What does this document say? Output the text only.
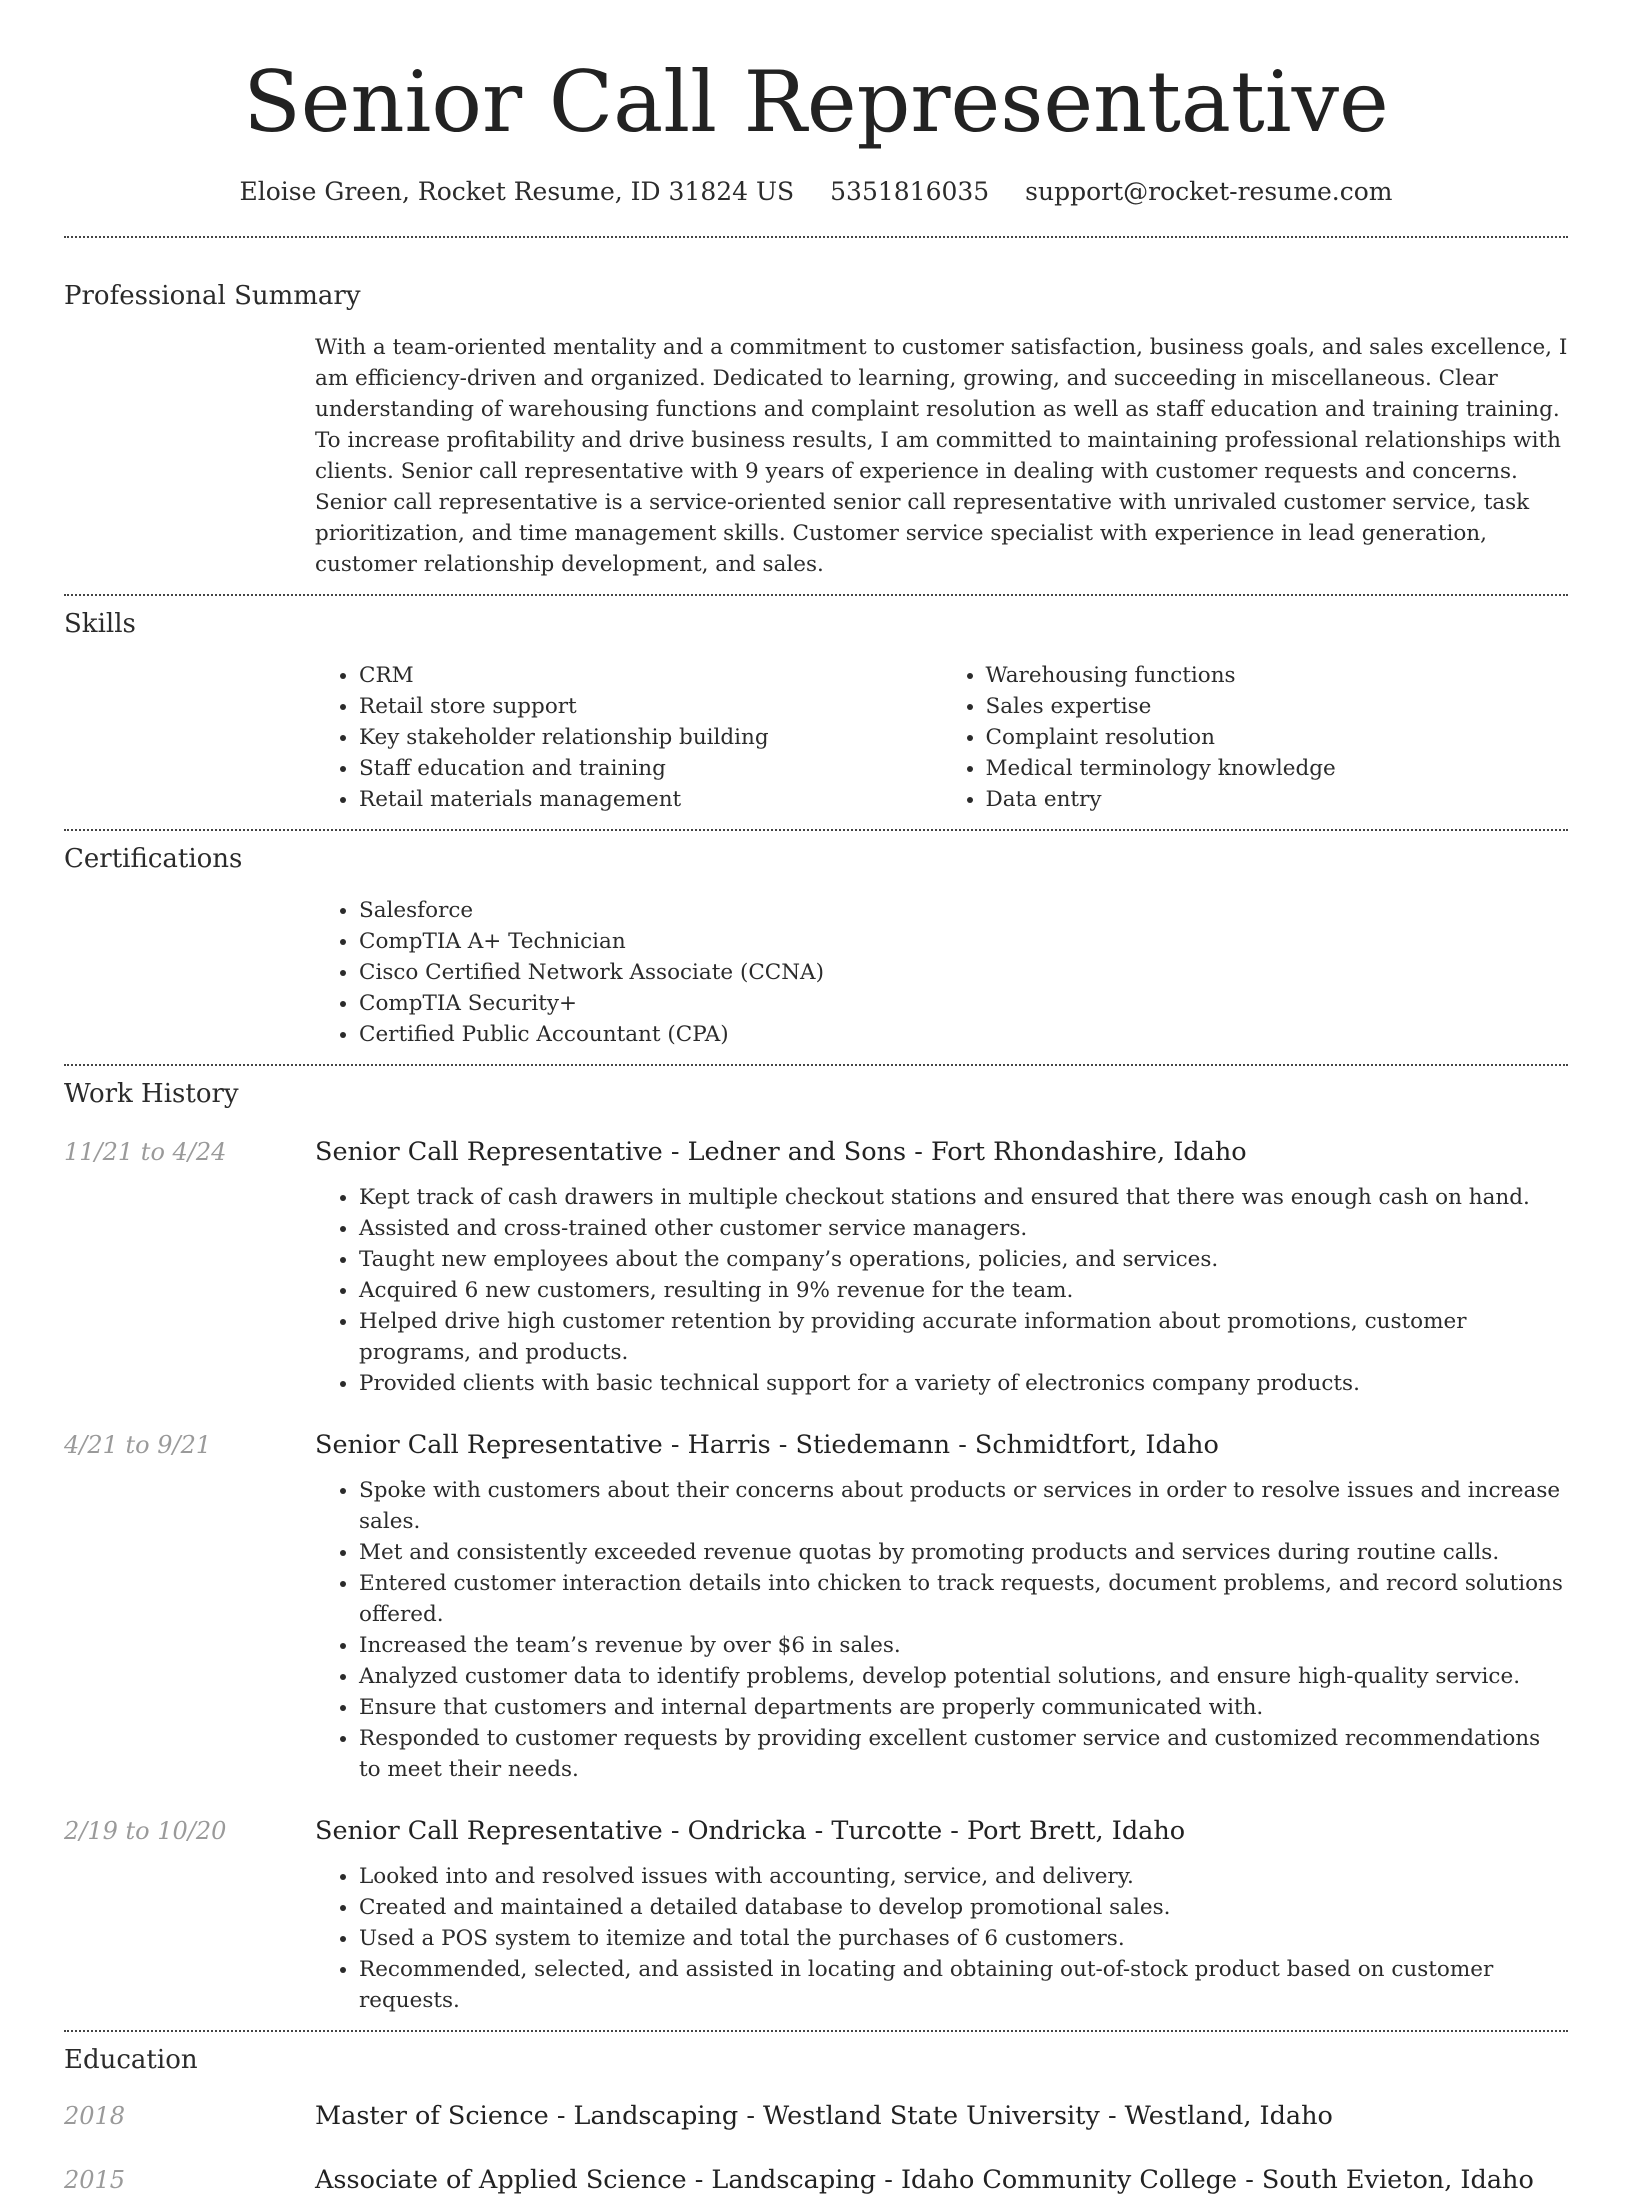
Senior Call Representative
Eloise Green, Rocket Resume, ID 31824 US 5351816035 support@rocket-resume.com
Professional Summary

With a team-oriented mentality and a commitment to customer satisfaction, business goals, and sales excellence, I am efficiency-driven and organized. Dedicated to learning, growing, and succeeding in miscellaneous. Clear understanding of warehousing functions and complaint resolution as well as staff education and training training. To increase profitability and drive business results, I am committed to maintaining professional relationships with clients. Senior call representative with 9 years of experience in dealing with customer requests and concerns. Senior call representative is a service-oriented senior call representative with unrivaled customer service, task prioritization, and time management skills. Customer service specialist with experience in lead generation, customer relationship development, and sales.

Skills
• CRM
• Retail store support
• Key stakeholder relationship building
• Staff education and training
• Retail materials management
• Warehousing functions
• Sales expertise
• Complaint resolution
• Medical terminology knowledge
• Data entry
Certifications
• Salesforce
• CompTIA A+ Technician
• Cisco Certified Network Associate (CCNA)
• CompTIA Security+
• Certified Public Accountant (CPA)
Work History
11/21 to 4/24	Senior Call Representative - Ledner and Sons - Fort Rhondashire, Idaho
• Kept track of cash drawers in multiple checkout stations and ensured that there was enough cash on hand.
• Assisted and cross-trained other customer service managers.
• Taught new employees about the company’s operations, policies, and services.
• Acquired 6 new customers, resulting in 9% revenue for the team.
• Helped drive high customer retention by providing accurate information about promotions, customer programs, and products.
• Provided clients with basic technical support for a variety of electronics company products.
4/21 to 9/21	Senior Call Representative - Harris - Stiedemann - Schmidtfort, Idaho
• Spoke with customers about their concerns about products or services in order to resolve issues and increase sales.
• Met and consistently exceeded revenue quotas by promoting products and services during routine calls.
• Entered customer interaction details into chicken to track requests, document problems, and record solutions offered.
• Increased the team’s revenue by over $6 in sales.
• Analyzed customer data to identify problems, develop potential solutions, and ensure high-quality service.
• Ensure that customers and internal departments are properly communicated with.
• Responded to customer requests by providing excellent customer service and customized recommendations to meet their needs.
2/19 to 10/20	Senior Call Representative - Ondricka - Turcotte - Port Brett, Idaho
• Looked into and resolved issues with accounting, service, and delivery.
• Created and maintained a detailed database to develop promotional sales.
• Used a POS system to itemize and total the purchases of 6 customers.
• Recommended, selected, and assisted in locating and obtaining out-of-stock product based on customer requests.
Education
2018	Master of Science - Landscaping - Westland State University - Westland, Idaho
2015	Associate of Applied Science - Landscaping - Idaho Community College - South Evieton, Idaho
